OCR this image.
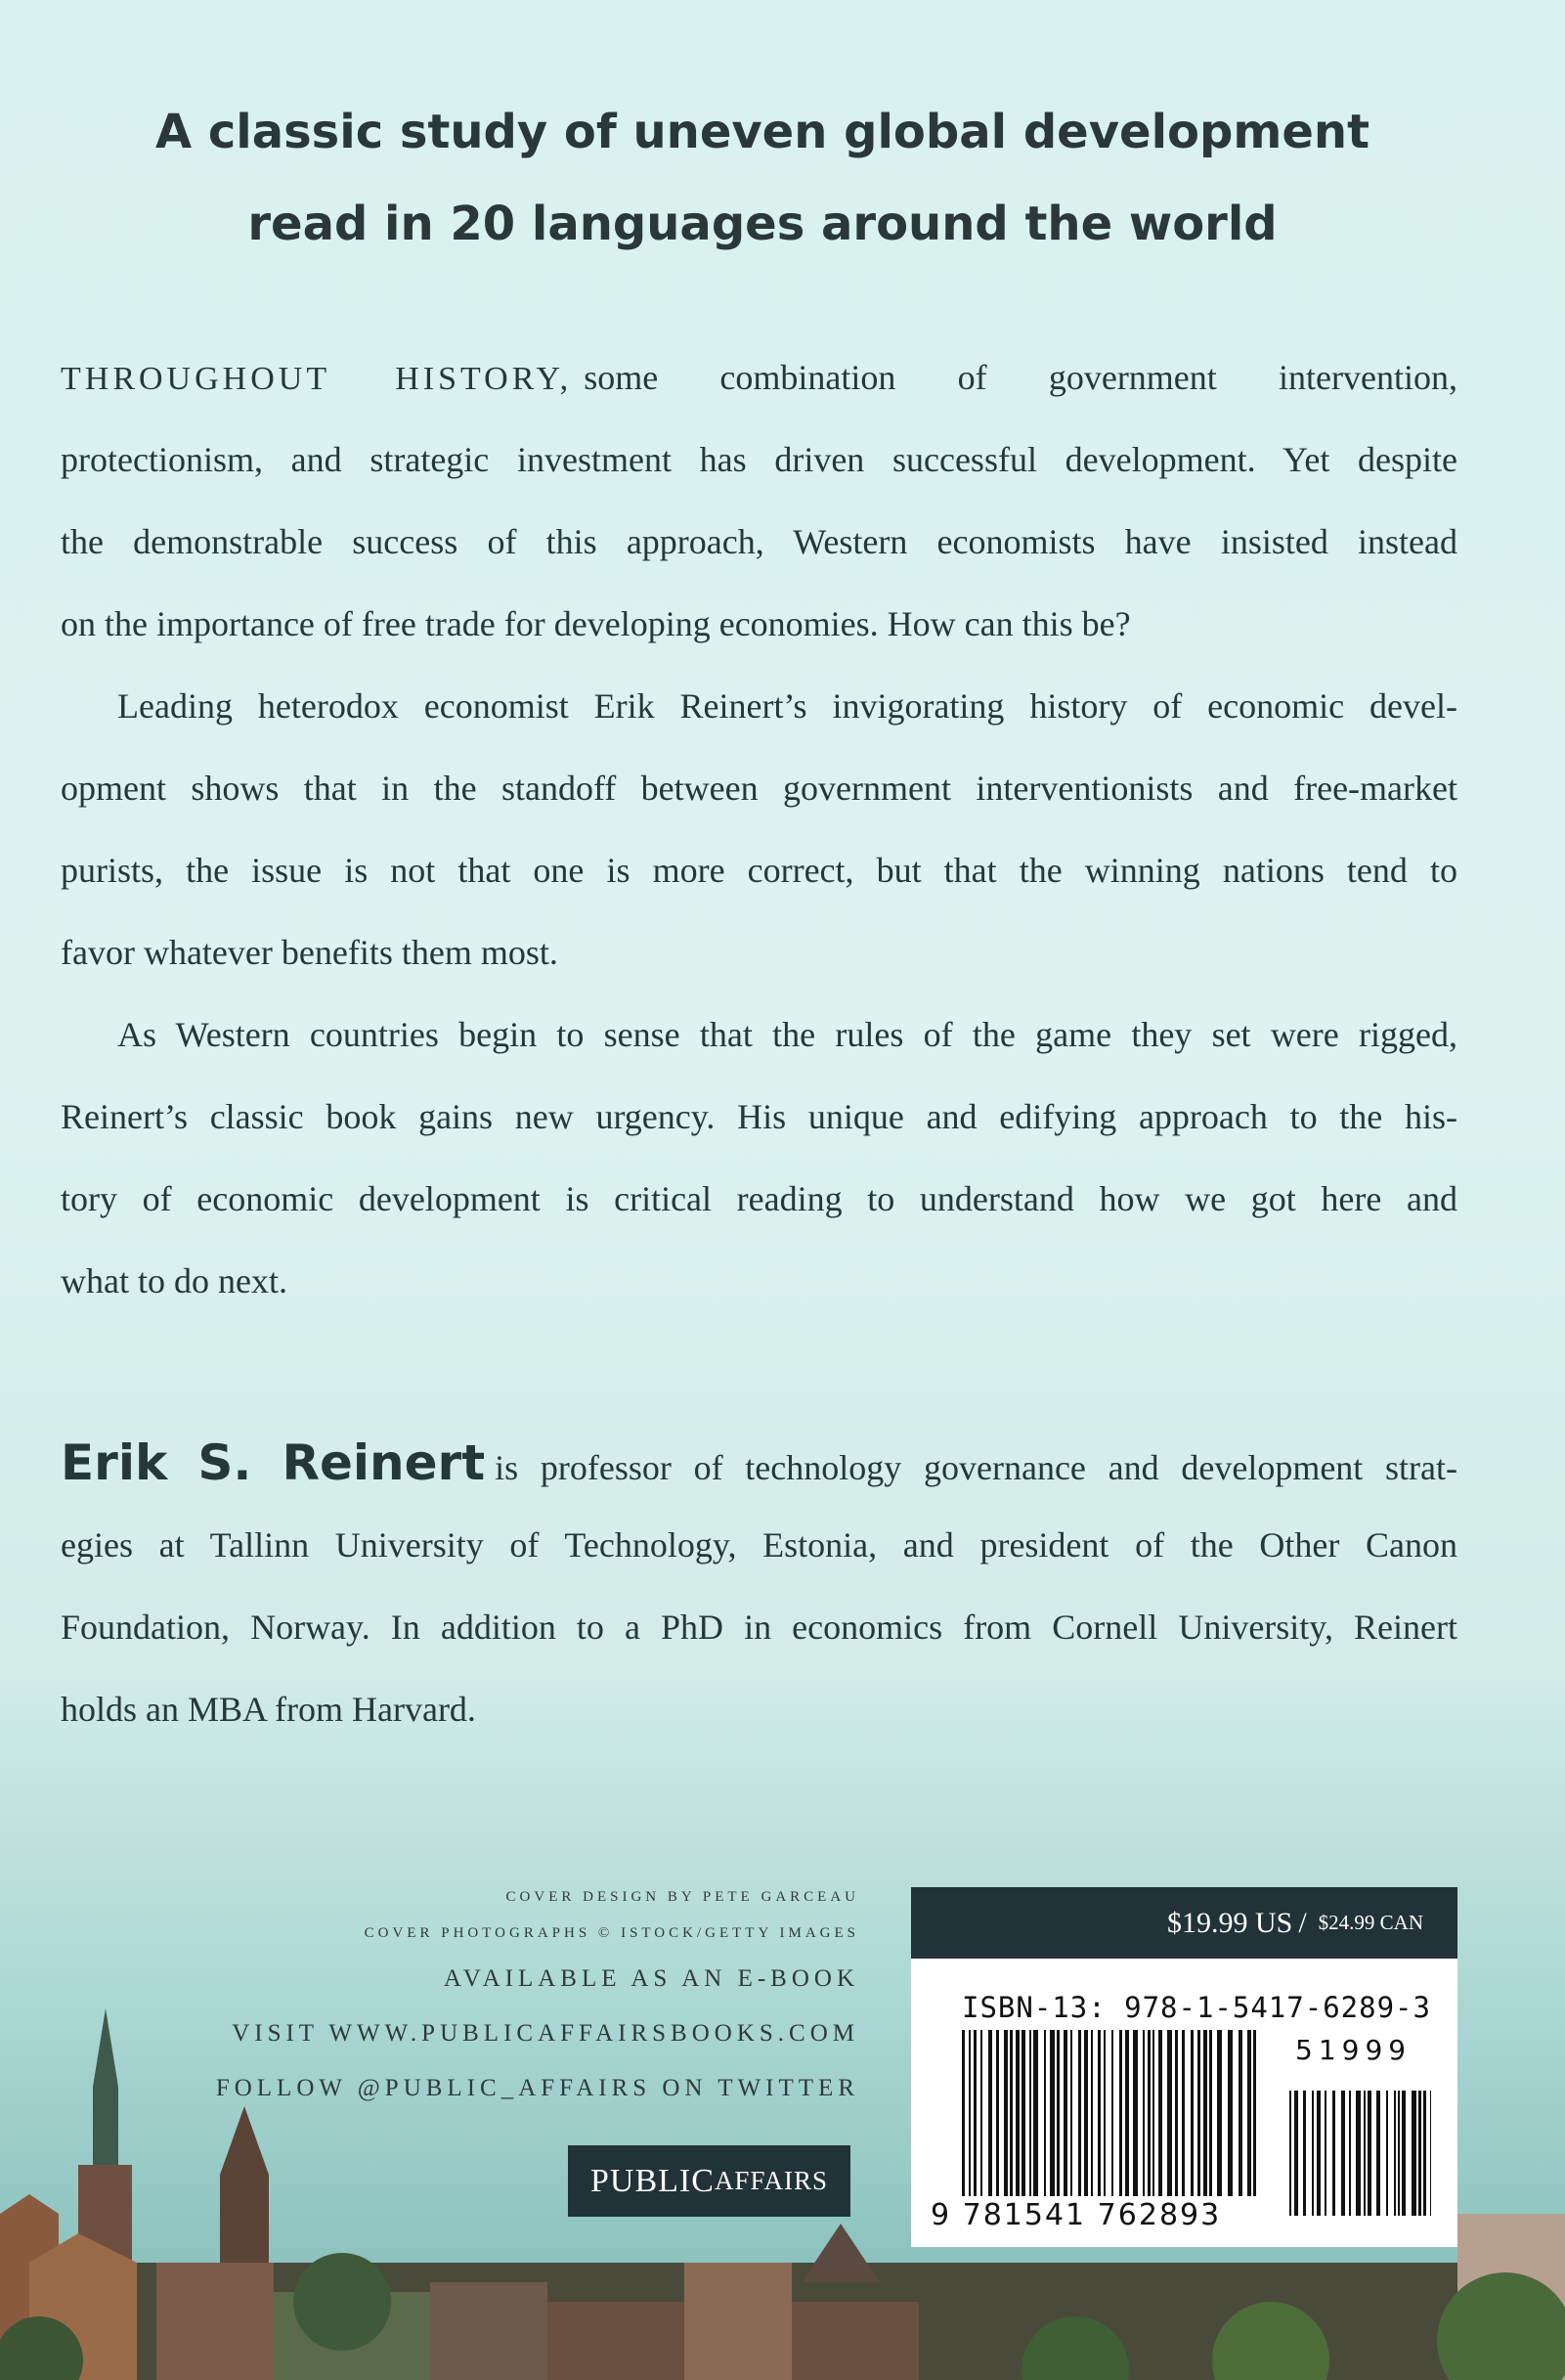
A classic study of uneven global development
read in 20 languages around the world
THROUGHOUT HISTORY, some combination of government intervention,
protectionism, and strategic investment has driven successful development. Yet despite
the demonstrable success of this approach, Western economists have insisted instead
on the importance of free trade for developing economies. How can this be?
Leading heterodox economist Erik Reinert’s invigorating history of economic devel-
opment shows that in the standoff between government interventionists and free-market
purists, the issue is not that one is more correct, but that the winning nations tend to
favor whatever benefits them most.
As Western countries begin to sense that the rules of the game they set were rigged,
Reinert’s classic book gains new urgency. His unique and edifying approach to the his-
tory of economic development is critical reading to understand how we got here and
what to do next.
Erik S. Reinert is professor of technology governance and development strat-
egies at Tallinn University of Technology, Estonia, and president of the Other Canon
Foundation, Norway. In addition to a PhD in economics from Cornell University, Reinert
holds an MBA from Harvard.
COVER DESIGN BY PETE GARCEAU
COVER PHOTOGRAPHS © ISTOCK/GETTY IMAGES
AVAILABLE AS AN E-BOOK
VISIT WWW.PUBLICAFFAIRSBOOKS.COM
FOLLOW @PUBLIC_AFFAIRS ON TWITTER
PUBLIC AFFAIRS
$19.99 US / $24.99 CAN
ISBN-13: 978-1-5417-6289-3
51999
9 781541 762893
